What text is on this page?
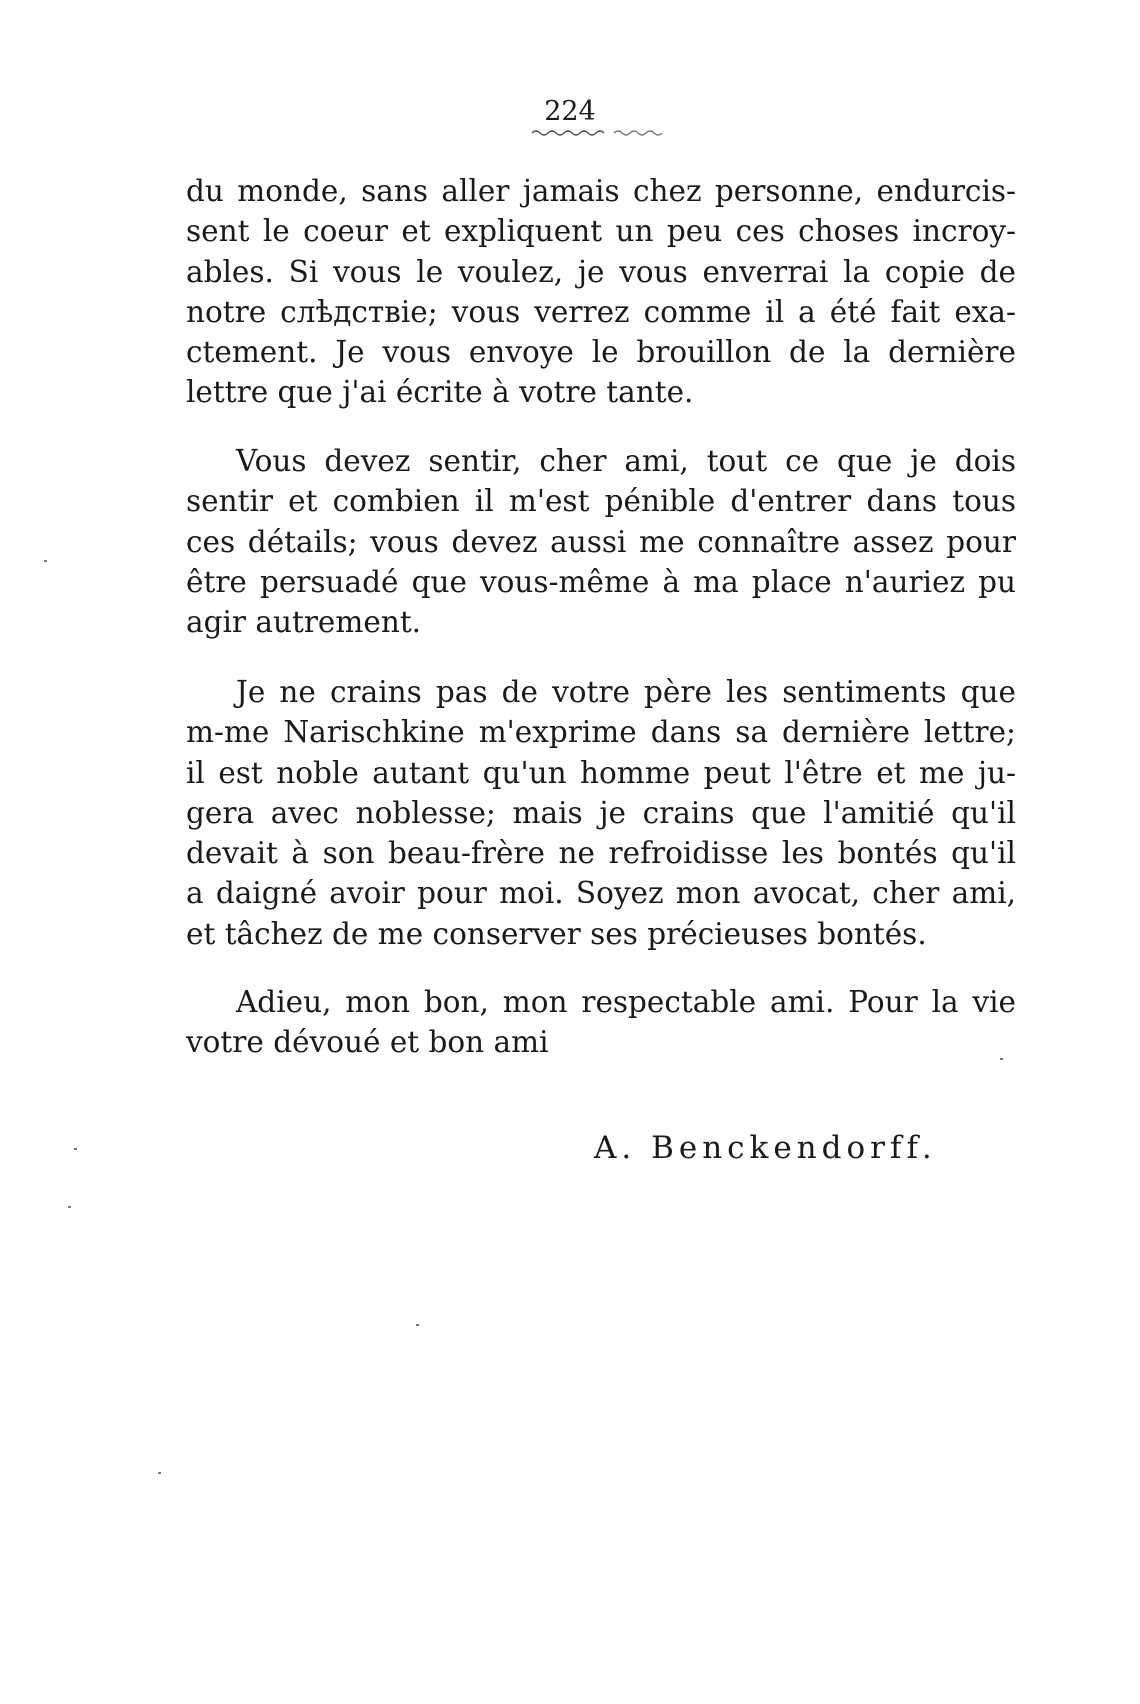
224
du monde, sans aller jamais chez personne, endurcis-
sent le coeur et expliquent un peu ces choses incroy-
ables. Si vous le voulez, je vous enverrai la copie de
notre слѣдствіе; vous verrez comme il a été fait exa-
ctement. Je vous envoye le brouillon de la dernière
lettre que j'ai écrite à votre tante.
Vous devez sentir, cher ami, tout ce que je dois
sentir et combien il m'est pénible d'entrer dans tous
ces détails; vous devez aussi me connaître assez pour
être persuadé que vous-même à ma place n'auriez pu
agir autrement.
Je ne crains pas de votre père les sentiments que
m-me Narischkine m'exprime dans sa dernière lettre;
il est noble autant qu'un homme peut l'être et me ju-
gera avec noblesse; mais je crains que l'amitié qu'il
devait à son beau-frère ne refroidisse les bontés qu'il
a daigné avoir pour moi. Soyez mon avocat, cher ami,
et tâchez de me conserver ses précieuses bontés.
Adieu, mon bon, mon respectable ami. Pour la vie
votre dévoué et bon ami
A. Benckendorff.
